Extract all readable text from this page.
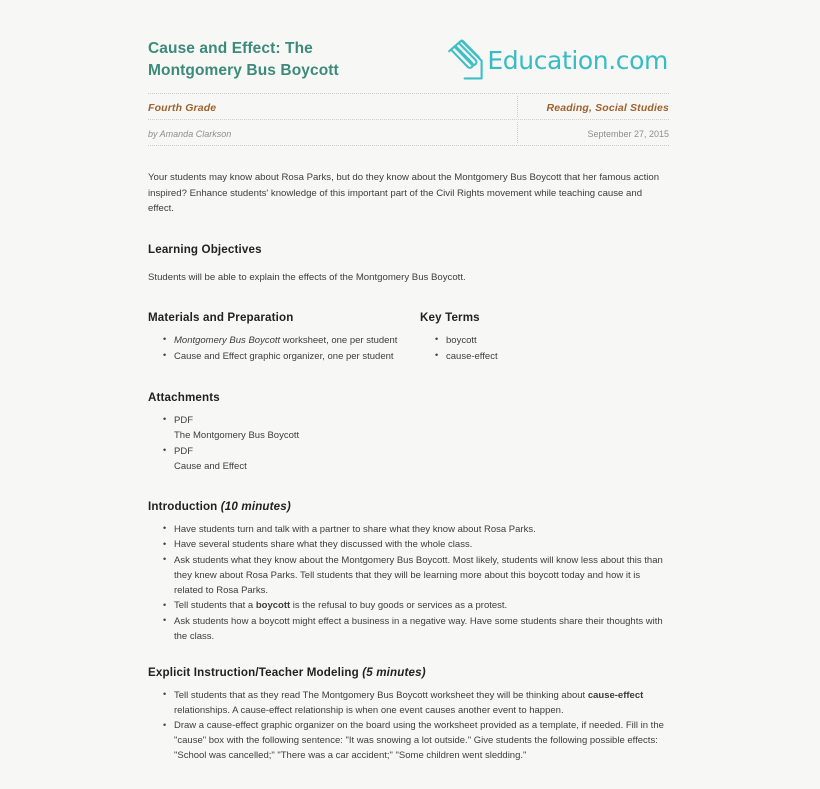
Cause and Effect: The
Montgomery Bus Boycott	Education.com
Fourth Grade	Reading, Social Studies
by Amanda Clarkson	September 27, 2015

Your students may know about Rosa Parks, but do they know about the Montgomery Bus Boycott that her famous action inspired? Enhance students' knowledge of this important part of the Civil Rights movement while teaching cause and effect.

Learning Objectives

Students will be able to explain the effects of the Montgomery Bus Boycott.

Materials and Preparation
• Montgomery Bus Boycott worksheet, one per student
• Cause and Effect graphic organizer, one per student
Key Terms
• boycott
• cause-effect
Attachments
• PDF
The Montgomery Bus Boycott
• PDF
Cause and Effect
Introduction (10 minutes)
• Have students turn and talk with a partner to share what they know about Rosa Parks.
• Have several students share what they discussed with the whole class.
• Ask students what they know about the Montgomery Bus Boycott. Most likely, students will know less about this than they knew about Rosa Parks. Tell students that they will be learning more about this boycott today and how it is related to Rosa Parks.
• Tell students that a boycott is the refusal to buy goods or services as a protest.
• Ask students how a boycott might effect a business in a negative way. Have some students share their thoughts with the class.
Explicit Instruction/Teacher Modeling (5 minutes)
• Tell students that as they read The Montgomery Bus Boycott worksheet they will be thinking about cause-effect relationships. A cause-effect relationship is when one event causes another event to happen.
• Draw a cause-effect graphic organizer on the board using the worksheet provided as a template, if needed. Fill in the "cause" box with the following sentence: "It was snowing a lot outside." Give students the following possible effects: "School was cancelled;" "There was a car accident;" "Some children went sledding."
